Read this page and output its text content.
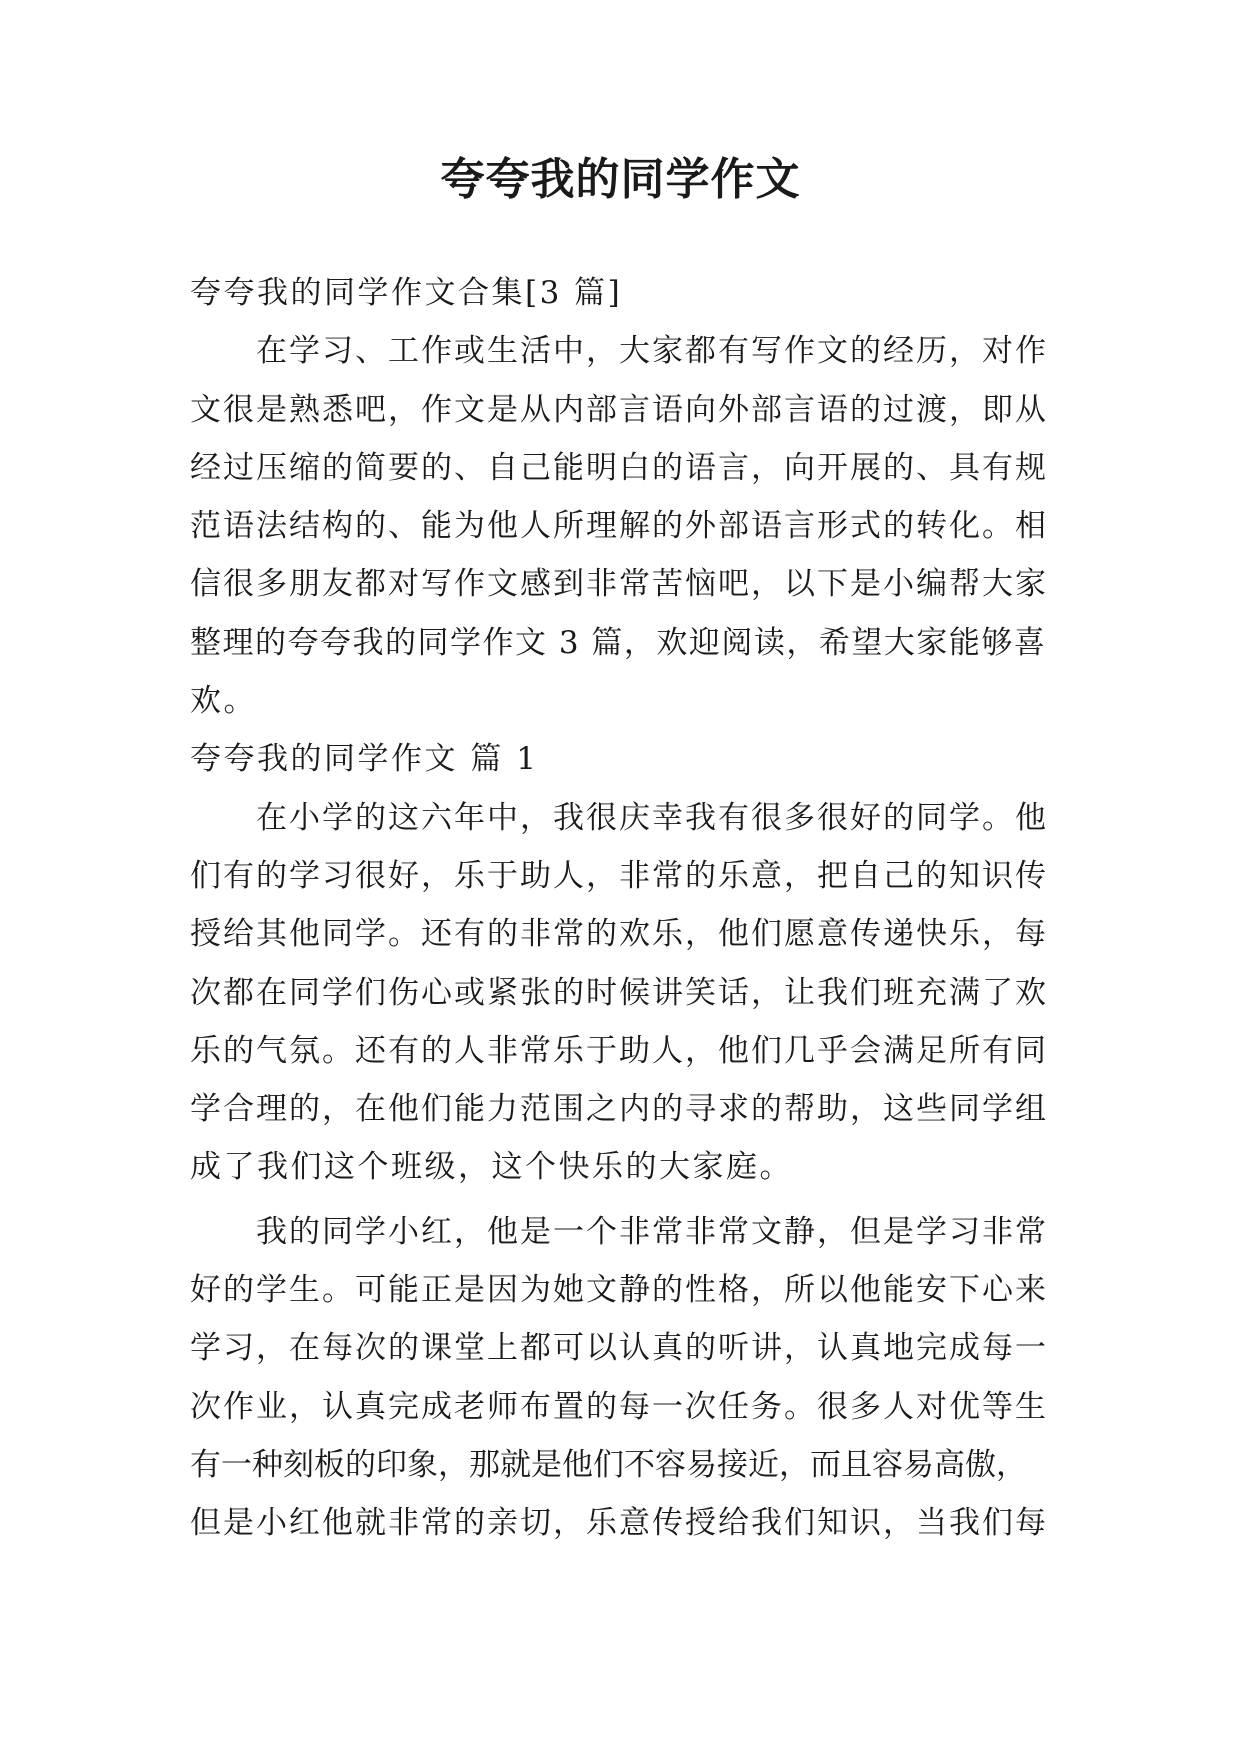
夸夸我的同学作文

夸夸我的同学作文合集[3 篇]

　　在学习、工作或生活中，大家都有写作文的经历，对作

文很是熟悉吧，作文是从内部言语向外部言语的过渡，即从

经过压缩的简要的、自己能明白的语言，向开展的、具有规

范语法结构的、能为他人所理解的外部语言形式的转化。相

信很多朋友都对写作文感到非常苦恼吧，以下是小编帮大家

整理的夸夸我的同学作文 3 篇，欢迎阅读，希望大家能够喜

欢。

夸夸我的同学作文 篇 1

　　在小学的这六年中，我很庆幸我有很多很好的同学。他

们有的学习很好，乐于助人，非常的乐意，把自己的知识传

授给其他同学。还有的非常的欢乐，他们愿意传递快乐，每

次都在同学们伤心或紧张的时候讲笑话，让我们班充满了欢

乐的气氛。还有的人非常乐于助人，他们几乎会满足所有同

学合理的，在他们能力范围之内的寻求的帮助，这些同学组

成了我们这个班级，这个快乐的大家庭。

　　我的同学小红，他是一个非常非常文静，但是学习非常

好的学生。可能正是因为她文静的性格，所以他能安下心来

学习，在每次的课堂上都可以认真的听讲，认真地完成每一

次作业，认真完成老师布置的每一次任务。很多人对优等生

有一种刻板的印象，那就是他们不容易接近，而且容易高傲，

但是小红他就非常的亲切，乐意传授给我们知识，当我们每
